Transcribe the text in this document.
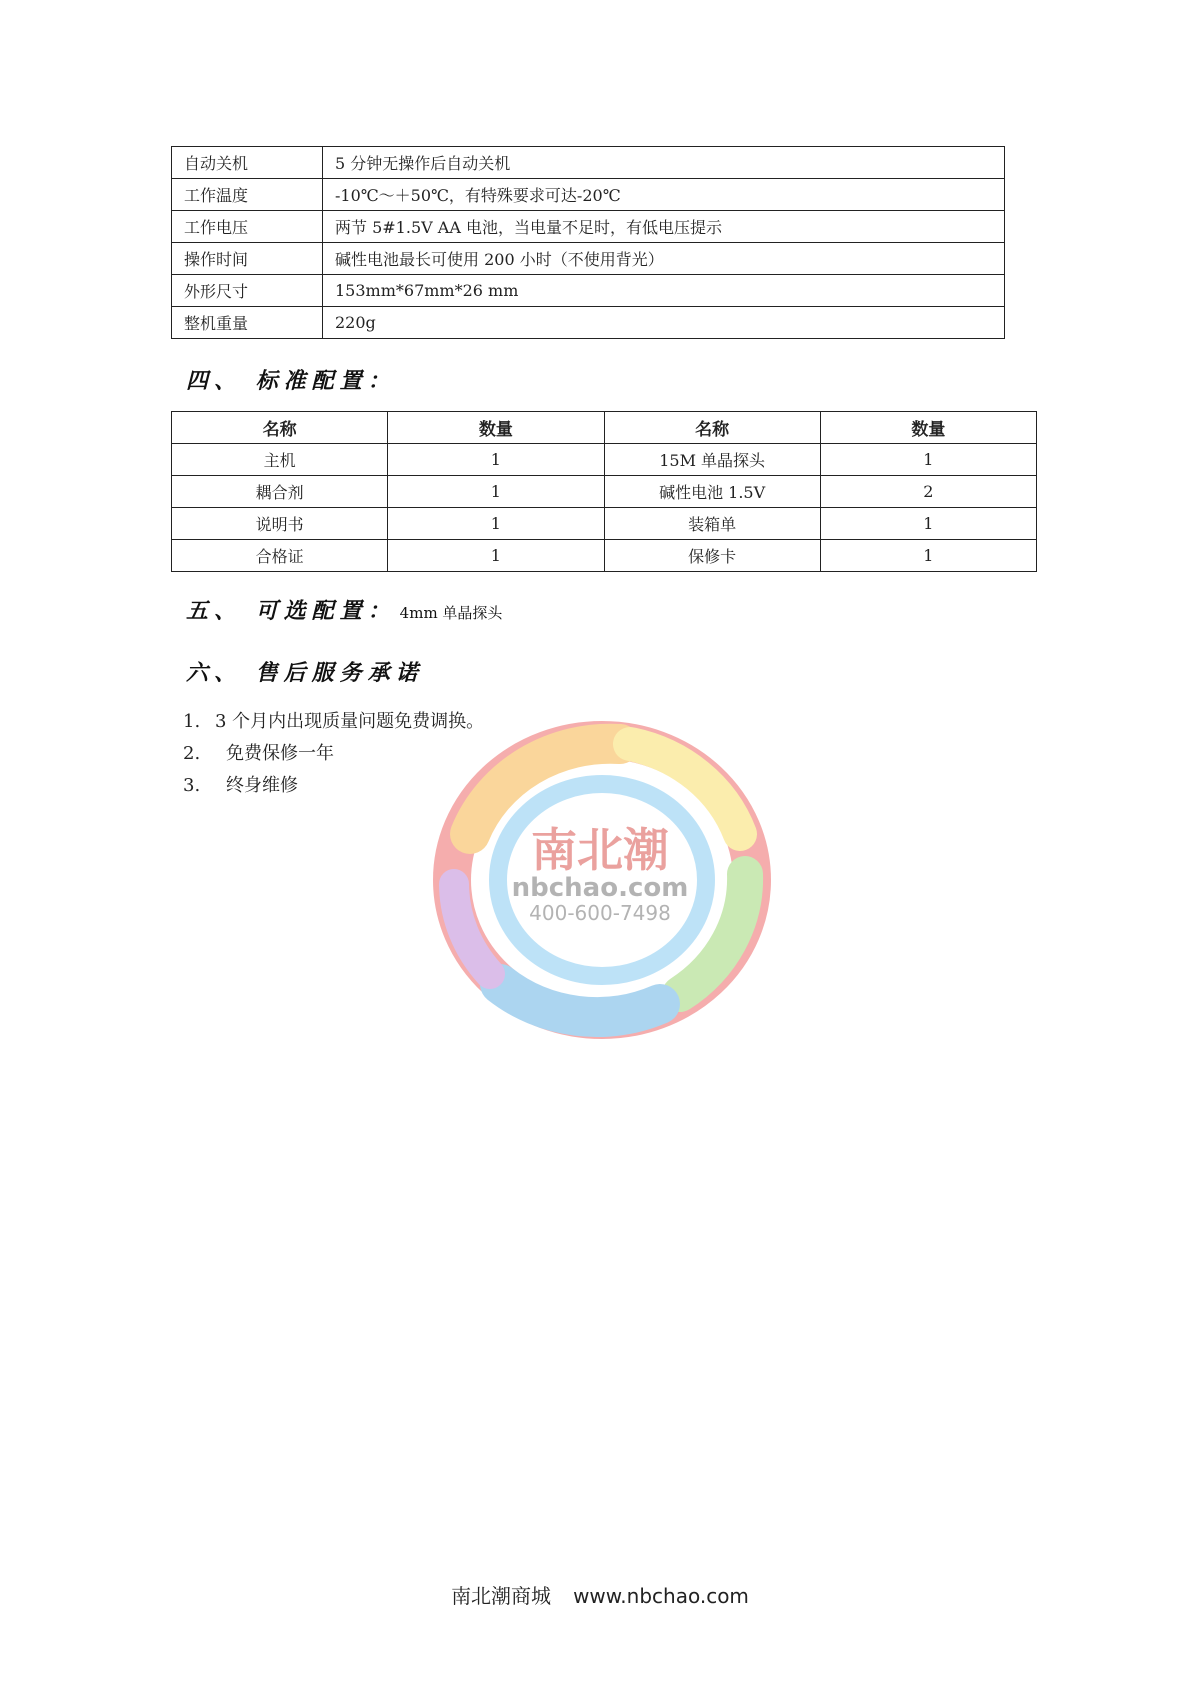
自动关机	5 分钟无操作后自动关机
工作温度	-10℃～＋50℃，有特殊要求可达-20℃
工作电压	两节 5#1.5V AA 电池，当电量不足时，有低电压提示
操作时间	碱性电池最长可使用 200 小时（不使用背光）
外形尺寸	153mm*67mm*26 mm
整机重量	220g
四、 标准配置：
名称	数量	名称	数量
主机	1	15M 单晶探头	1
耦合剂	1	碱性电池 1.5V	2
说明书	1	装箱单	1
合格证	1	保修卡	1
五、 可选配置： 4mm 单晶探头
六、 售后服务承诺
南北潮
nbchao.com
400-600-7498
1. 3 个月内出现质量问题免费调换。
2.	免费保修一年
3.	终身维修
南北潮商城 www.nbchao.com
